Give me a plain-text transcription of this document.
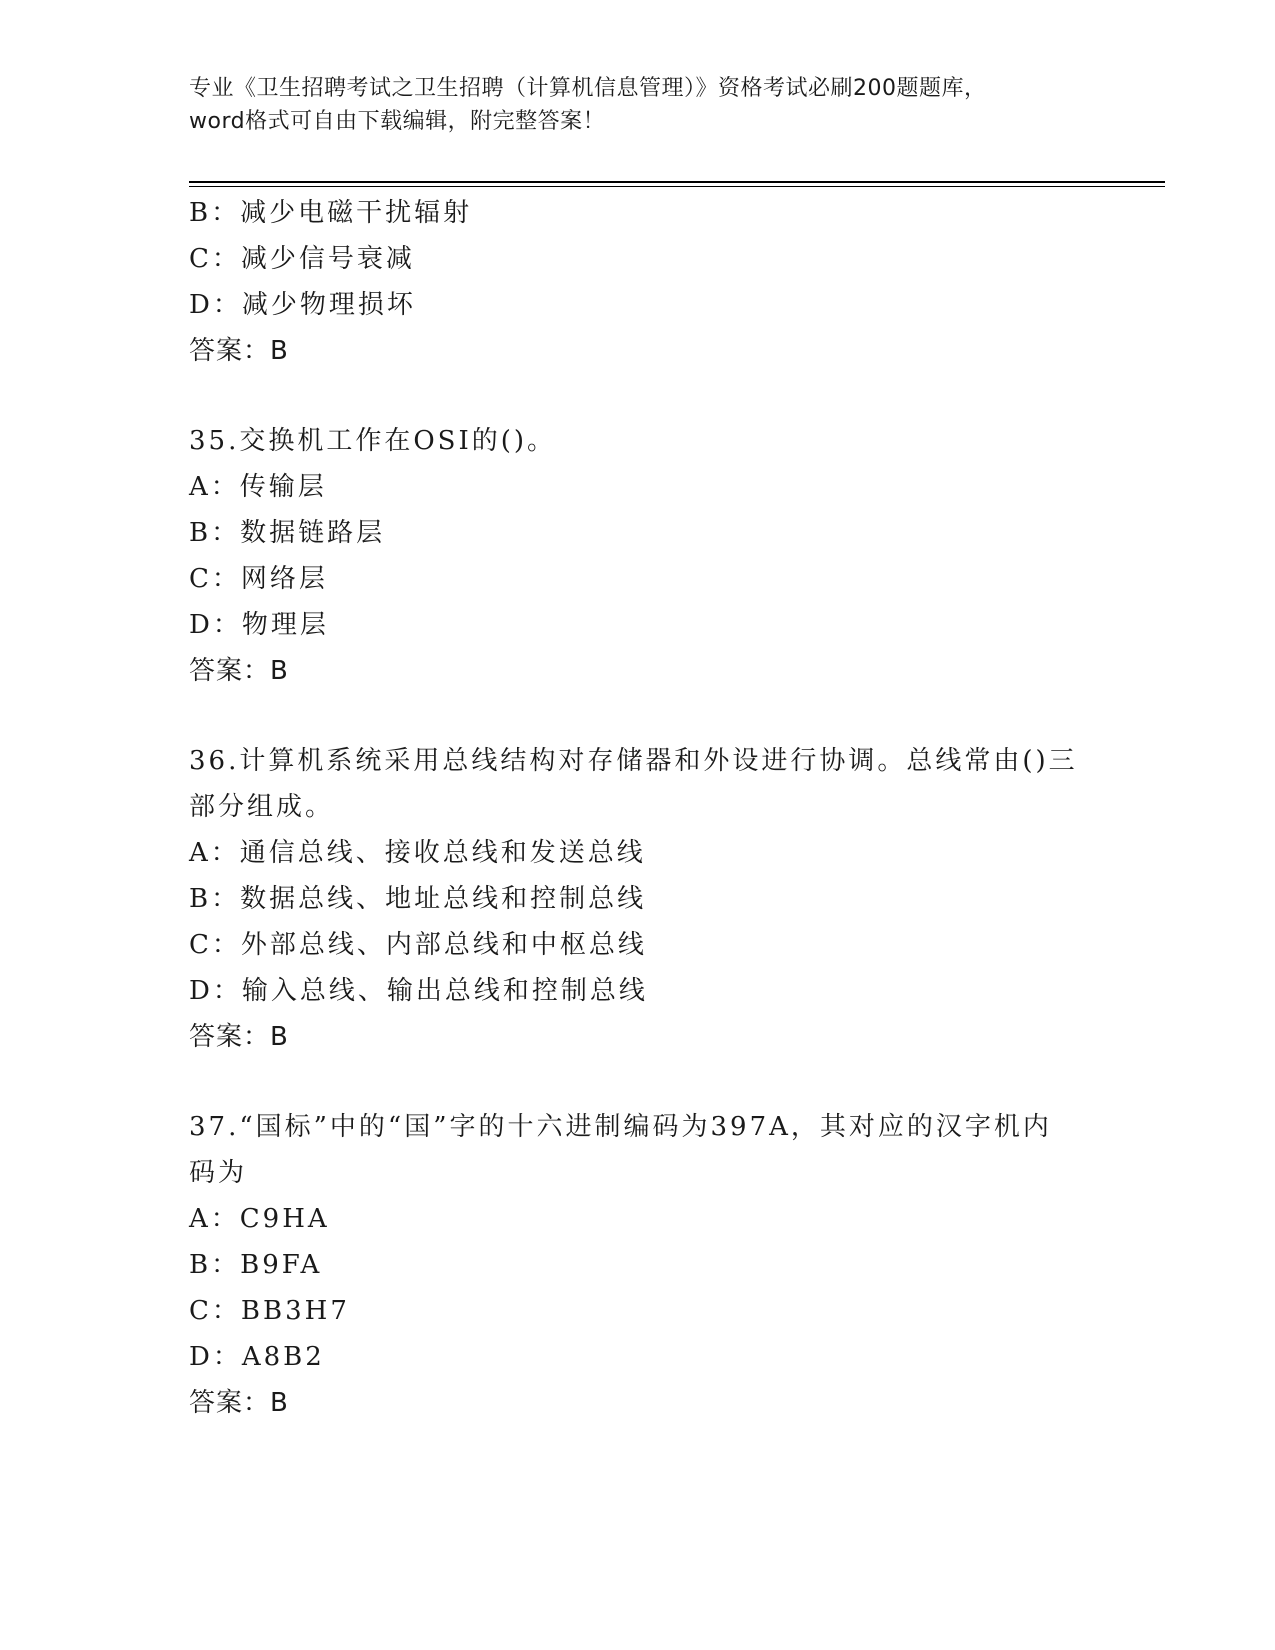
专业《卫生招聘考试之卫生招聘（计算机信息管理）》资格考试必刷200题题库，
word格式可自由下载编辑，附完整答案！
B：减少电磁干扰辐射
C：减少信号衰减
D：减少物理损坏
答案：B
35.交换机工作在OSI的()。
A：传输层
B：数据链路层
C：网络层
D：物理层
答案：B
36.计算机系统采用总线结构对存储器和外设进行协调。总线常由()三
部分组成。
A：通信总线、接收总线和发送总线
B：数据总线、地址总线和控制总线
C：外部总线、内部总线和中枢总线
D：输入总线、输出总线和控制总线
答案：B
37.“国标”中的“国”字的十六进制编码为397A，其对应的汉字机内
码为
A：C9HA
B：B9FA
C：BB3H7
D：A8B2
答案：B
